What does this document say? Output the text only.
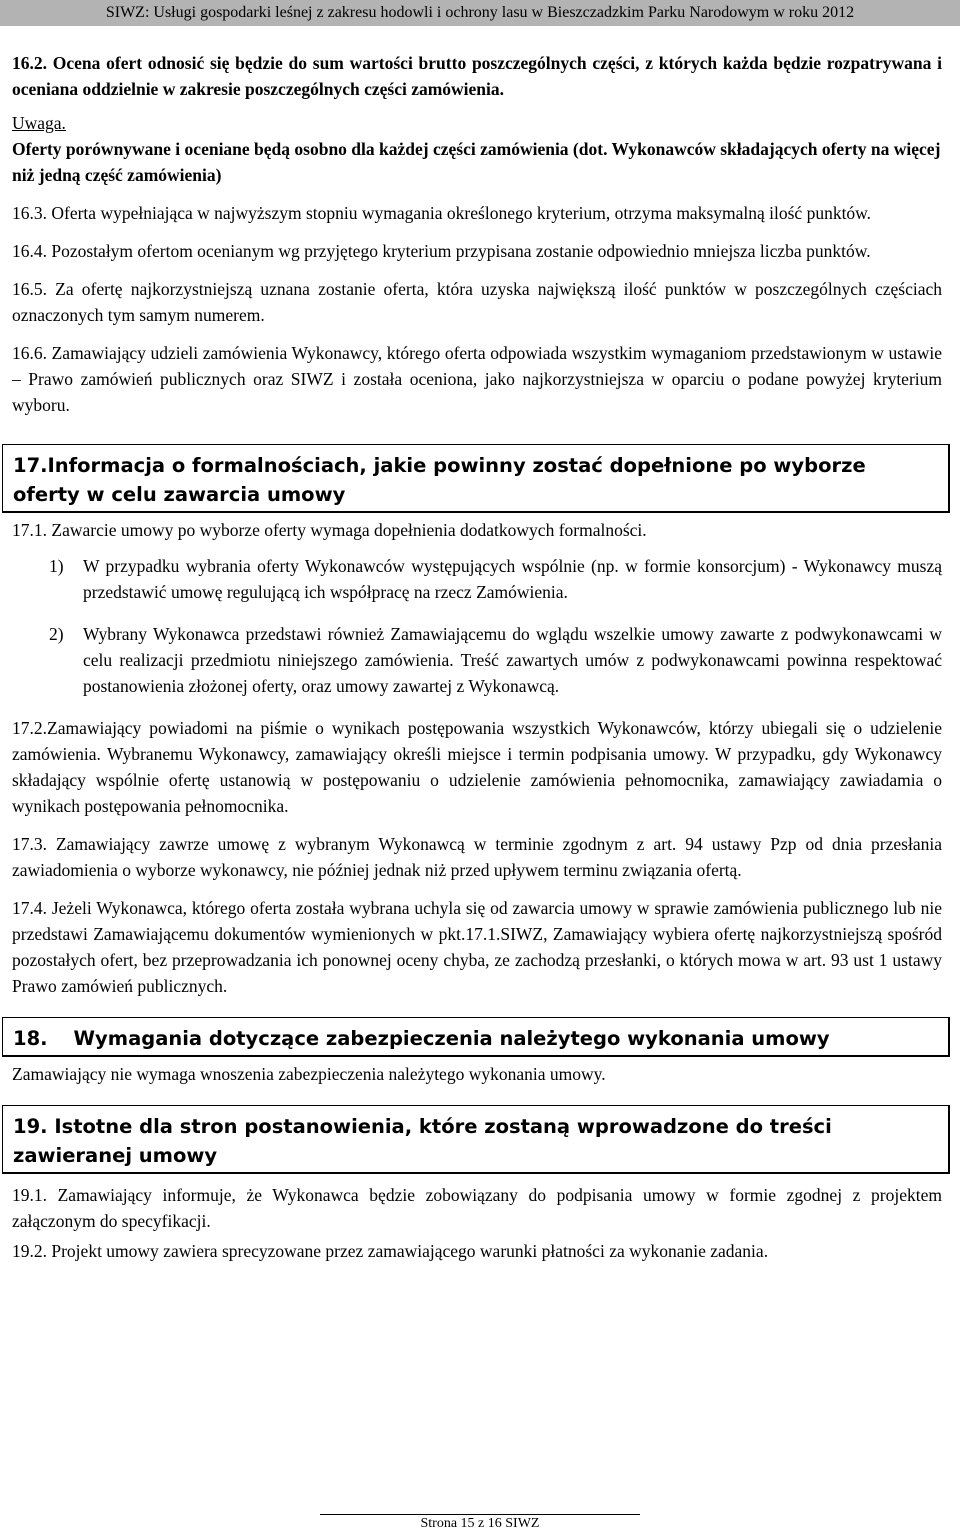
SIWZ: Usługi gospodarki leśnej z zakresu hodowli i ochrony lasu w Bieszczadzkim Parku Narodowym w roku 2012

16.2. Ocena ofert odnosić się będzie do sum wartości brutto poszczególnych części, z których każda będzie rozpatrywana i oceniana oddzielnie w zakresie poszczególnych części zamówienia.

Uwaga.

Oferty porównywane i oceniane będą osobno dla każdej części zamówienia (dot. Wykonawców składających oferty na więcej niż jedną część zamówienia)

16.3. Oferta wypełniająca w najwyższym stopniu wymagania określonego kryterium, otrzyma maksymalną ilość punktów.

16.4. Pozostałym ofertom ocenianym wg przyjętego kryterium przypisana zostanie odpowiednio mniejsza liczba punktów.

16.5. Za ofertę najkorzystniejszą uznana zostanie oferta, która uzyska największą ilość punktów w poszczególnych częściach oznaczonych tym samym numerem.

16.6. Zamawiający udzieli zamówienia Wykonawcy, którego oferta odpowiada wszystkim wymaganiom przedstawionym w ustawie – Prawo zamówień publicznych oraz SIWZ i została oceniona, jako najkorzystniejsza w oparciu o podane powyżej kryterium wyboru.

17.Informacja o formalnościach, jakie powinny zostać dopełnione po wyborze oferty w celu zawarcia umowy

17.1. Zawarcie umowy po wyborze oferty wymaga dopełnienia dodatkowych formalności.

1)	W przypadku wybrania oferty Wykonawców występujących wspólnie (np. w formie konsorcjum) - Wykonawcy muszą przedstawić umowę regulującą ich współpracę na rzecz Zamówienia.
2)	Wybrany Wykonawca przedstawi również Zamawiającemu do wglądu wszelkie umowy zawarte z podwykonawcami w celu realizacji przedmiotu niniejszego zamówienia. Treść zawartych umów z podwykonawcami powinna respektować postanowienia złożonej oferty, oraz umowy zawartej z Wykonawcą.

17.2.Zamawiający powiadomi na piśmie o wynikach postępowania wszystkich Wykonawców, którzy ubiegali się o udzielenie zamówienia. Wybranemu Wykonawcy, zamawiający określi miejsce i termin podpisania umowy. W przypadku, gdy Wykonawcy składający wspólnie ofertę ustanowią w postępowaniu o udzielenie zamówienia pełnomocnika, zamawiający zawiadamia o wynikach postępowania pełnomocnika.

17.3. Zamawiający zawrze umowę z wybranym Wykonawcą w terminie zgodnym z art. 94 ustawy Pzp od dnia przesłania zawiadomienia o wyborze wykonawcy, nie później jednak niż przed upływem terminu związania ofertą.

17.4. Jeżeli Wykonawca, którego oferta została wybrana uchyla się od zawarcia umowy w sprawie zamówienia publicznego lub nie przedstawi Zamawiającemu dokumentów wymienionych w pkt.17.1.SIWZ, Zamawiający wybiera ofertę najkorzystniejszą spośród pozostałych ofert, bez przeprowadzania ich ponownej oceny chyba, ze zachodzą przesłanki, o których mowa w art. 93 ust 1 ustawy Prawo zamówień publicznych.

18. Wymagania dotyczące zabezpieczenia należytego wykonania umowy

Zamawiający nie wymaga wnoszenia zabezpieczenia należytego wykonania umowy.

19. Istotne dla stron postanowienia, które zostaną wprowadzone do treści zawieranej umowy

19.1. Zamawiający informuje, że Wykonawca będzie zobowiązany do podpisania umowy w formie zgodnej z projektem załączonym do specyfikacji.

19.2. Projekt umowy zawiera sprecyzowane przez zamawiającego warunki płatności za wykonanie zadania.

Strona 15 z 16 SIWZ
